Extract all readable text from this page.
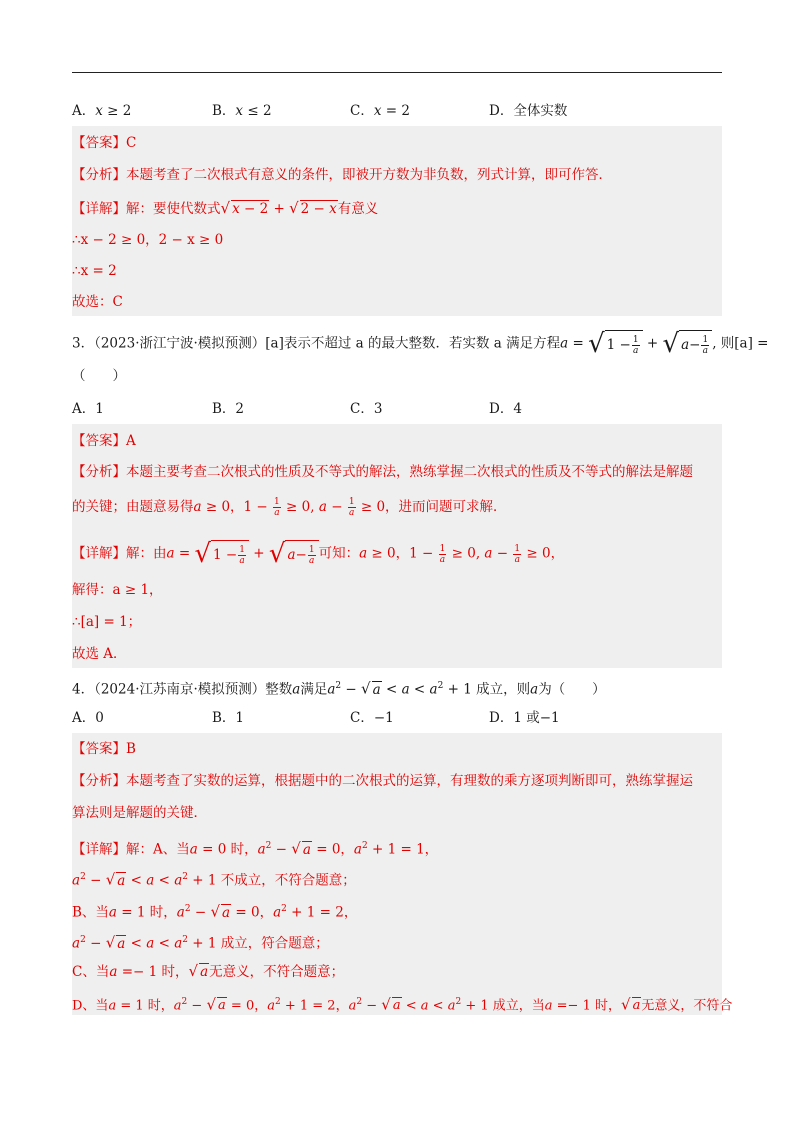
A．x ≥ 2	B．x ≤ 2	C．x = 2	D．全体实数
【答案】C
【分析】本题考查了二次根式有意义的条件，即被开方数为非负数，列式计算，即可作答．
【详解】解：要使代数式√ x − 2 + √ 2 − x有意义
∴x − 2 ≥ 0，2 − x ≥ 0
∴x = 2
故选：C
3．（2023·浙江宁波·模拟预测）[a]表示不超过 a 的最大整数．若实数 a 满足方程a = √ $1 - \frac{1}{a}$ + √ $a - \frac{1}{a}$ , 则[a] =
（　　）
A．1	B．2	C．3	D．4
【答案】A
【分析】本题主要考查二次根式的性质及不等式的解法，熟练掌握二次根式的性质及不等式的解法是解题
的关键；由题意易得a ≥ 0，$1 - \frac{1}{a} \ge 0$, $a - \frac{1}{a} \ge 0$，进而问题可求解．
【详解】解：由a = √ $1 - \frac{1}{a}$ + √ $a - \frac{1}{a}$ 可知：a ≥ 0，$1 - \frac{1}{a} \ge 0$, $a - \frac{1}{a} \ge 0$，
解得：a ≥ 1，
∴[a] = 1；
故选 A．
4．（2024·江苏南京·模拟预测）整数a满足$a^2$ − √ $a < a < a^2 + 1$ 成立，则a为（　　）
A．0	B．1	C．−1	D．1 或−1
【答案】B
【分析】本题考查了实数的运算，根据题中的二次根式的运算，有理数的乘方逐项判断即可，熟练掌握运
算法则是解题的关键．
【详解】解：A、当a = 0 时，$a^2$ − √ a = 0，$a^2 + 1 = 1$，
$a^2$ − √ $a < a < a^2 + 1$ 不成立，不符合题意；
B、当a = 1 时，$a^2$ − √ a = 0，$a^2 + 1 = 2$，
$a^2$ − √ $a < a < a^2 + 1$ 成立，符合题意；
C、当a =− 1 时，√ a无意义，不符合题意；
D、当a = 1 时，$a^2$ − √ a = 0，$a^2 + 1 = 2$，$a^2$ − √ $a < a < a^2 + 1$ 成立，当a =− 1 时，√ a无意义，不符合
